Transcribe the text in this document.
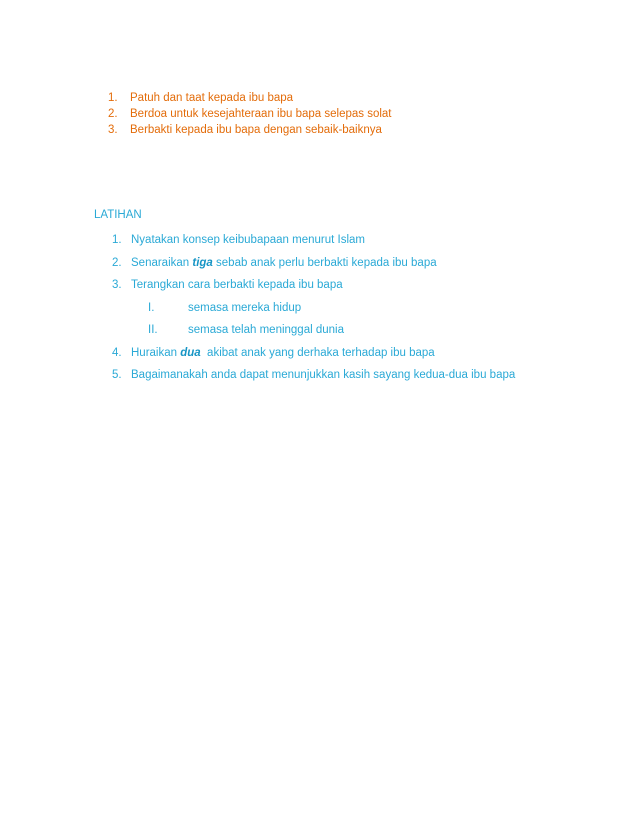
1. Patuh dan taat kepada ibu bapa
2. Berdoa untuk kesejahteraan ibu bapa selepas solat
3. Berbakti kepada ibu bapa dengan sebaik-baiknya

LATIHAN

1. Nyatakan konsep keibubapaan menurut Islam
2. Senaraikan tiga sebab anak perlu berbakti kepada ibu bapa
3. Terangkan cara berbakti kepada ibu bapa
I.	semasa mereka hidup
II.	semasa telah meninggal dunia
4. Huraikan dua  akibat anak yang derhaka terhadap ibu bapa
5. Bagaimanakah anda dapat menunjukkan kasih sayang kedua-dua ibu bapa
